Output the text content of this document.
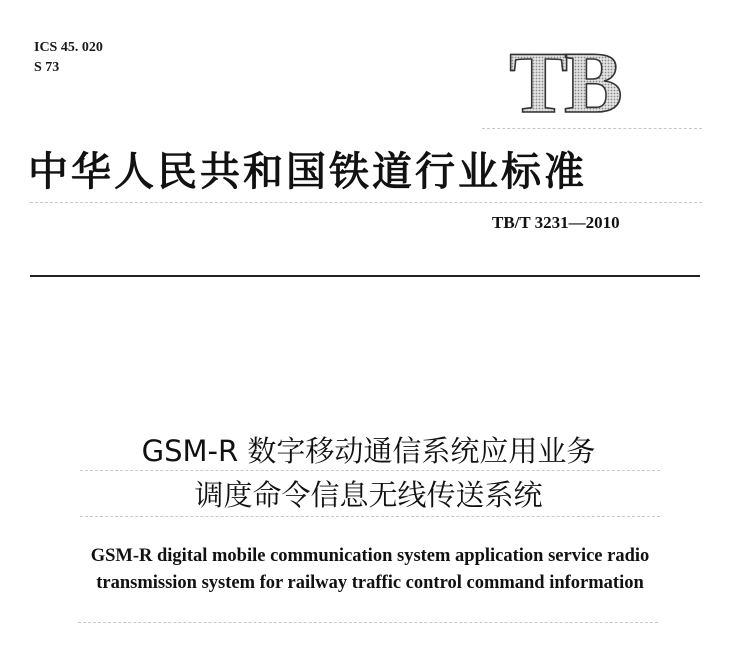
ICS 45. 020
S 73	TB
中华人民共和国铁道行业标准
TB/T 3231—2010
GSM-R 数字移动通信系统应用业务
调度命令信息无线传送系统
GSM-R digital mobile communication system application service radio
transmission system for railway traffic control command information
